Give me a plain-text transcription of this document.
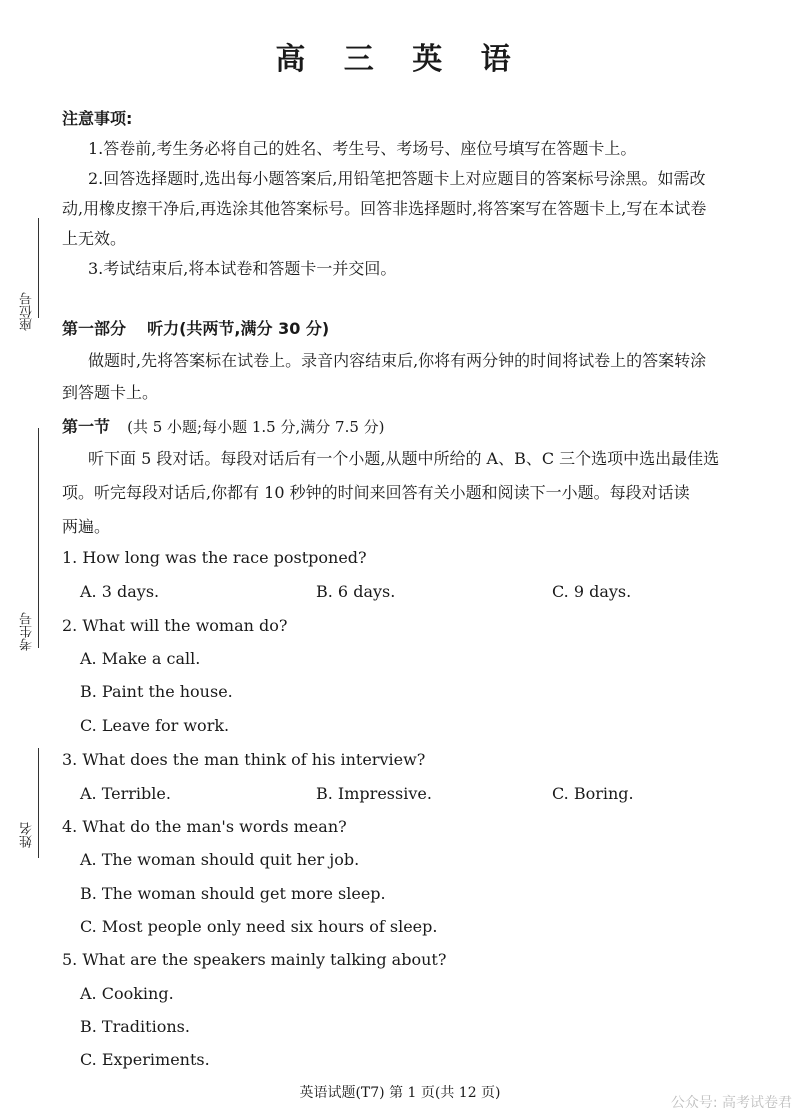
座位号
考生号
姓名
高 三 英 语
注意事项:
1.答卷前,考生务必将自己的姓名、考生号、考场号、座位号填写在答题卡上。
2.回答选择题时,选出每小题答案后,用铅笔把答题卡上对应题目的答案标号涂黑。如需改
动,用橡皮擦干净后,再选涂其他答案标号。回答非选择题时,将答案写在答题卡上,写在本试卷
上无效。
3.考试结束后,将本试卷和答题卡一并交回。
第一部分 听力(共两节,满分 30 分)
做题时,先将答案标在试卷上。录音内容结束后,你将有两分钟的时间将试卷上的答案转涂
到答题卡上。
第一节 (共 5 小题;每小题 1.5 分,满分 7.5 分)
听下面 5 段对话。每段对话后有一个小题,从题中所给的 A、B、C 三个选项中选出最佳选
项。听完每段对话后,你都有 10 秒钟的时间来回答有关小题和阅读下一小题。每段对话读
两遍。
1. How long was the race postponed?
A. 3 days.	B. 6 days.	C. 9 days.
2. What will the woman do?
A. Make a call.
B. Paint the house.
C. Leave for work.
3. What does the man think of his interview?
A. Terrible.	B. Impressive.	C. Boring.
4. What do the man's words mean?
A. The woman should quit her job.
B. The woman should get more sleep.
C. Most people only need six hours of sleep.
5. What are the speakers mainly talking about?
A. Cooking.
B. Traditions.
C. Experiments.
英语试题(T7) 第 1 页(共 12 页)
公众号: 高考试卷君
